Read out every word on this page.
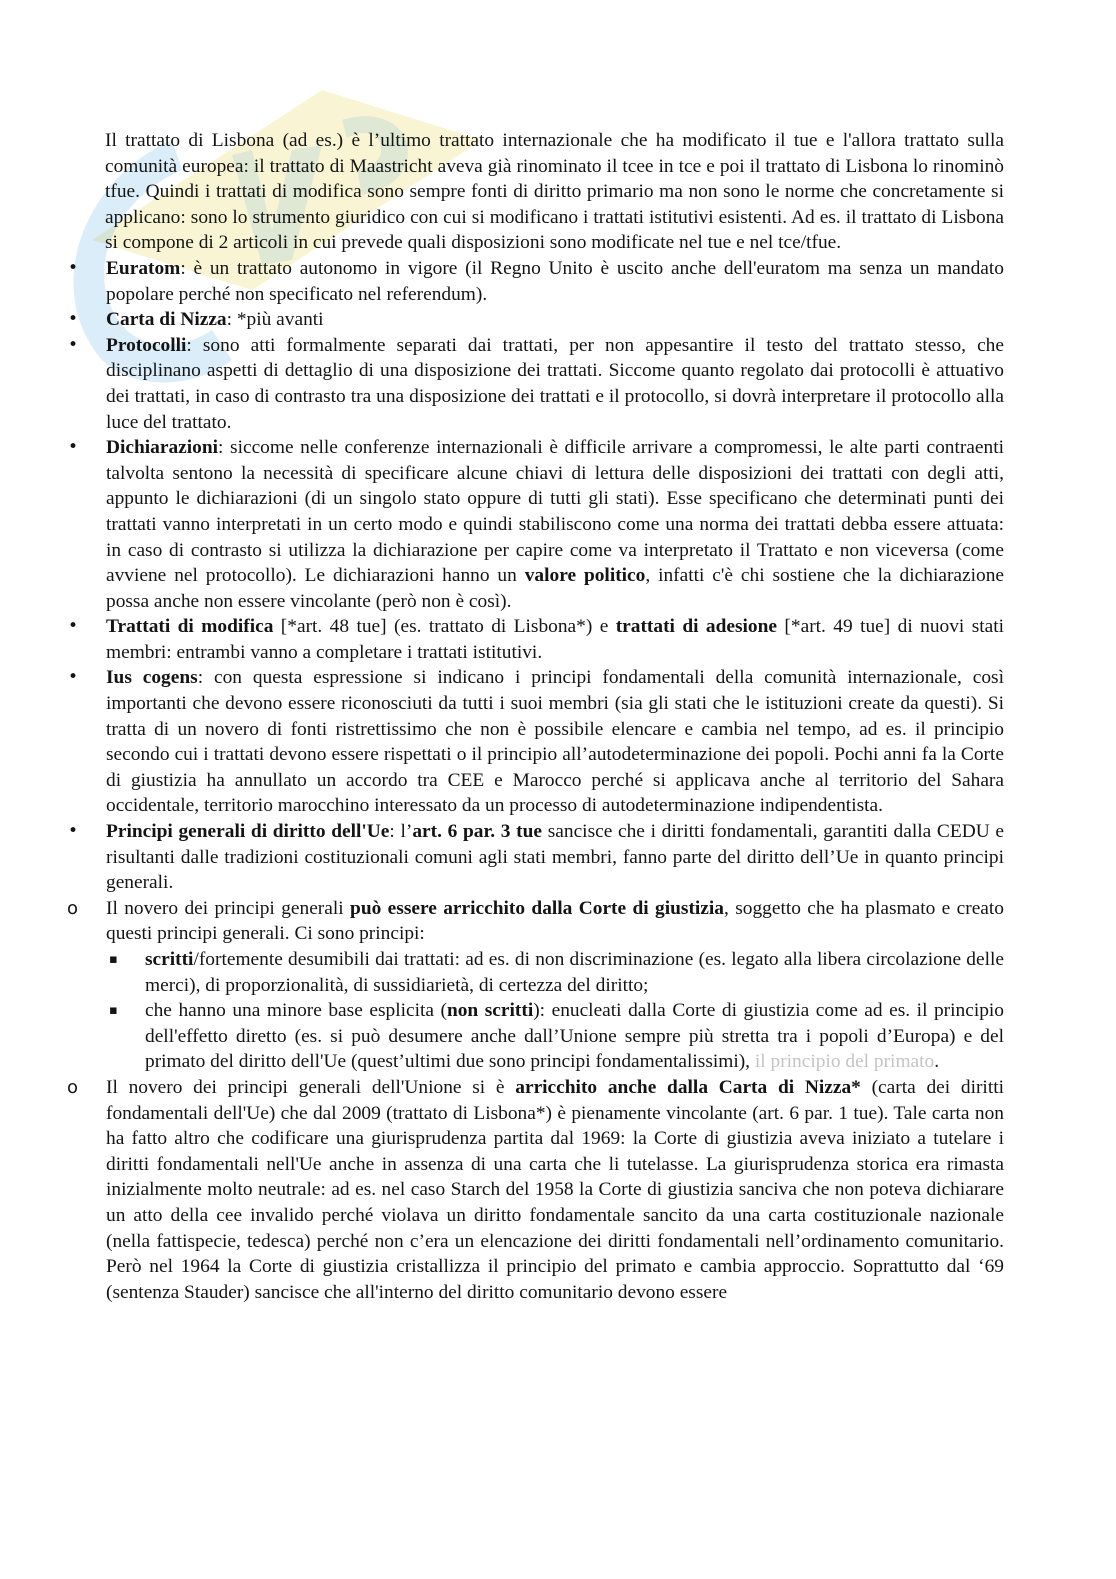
Il trattato di Lisbona (ad es.) è l’ultimo trattato internazionale che ha modificato il tue e l'allora trattato sulla comunità europea: il trattato di Maastricht aveva già rinominato il tcee in tce e poi il trattato di Lisbona lo rinominò tfue. Quindi i trattati di modifica sono sempre fonti di diritto primario ma non sono le norme che concretamente si applicano: sono lo strumento giuridico con cui si modificano i trattati istitutivi esistenti. Ad es. il trattato di Lisbona si compone di 2 articoli in cui prevede quali disposizioni sono modificate nel tue e nel tce/tfue.

• Euratom: è un trattato autonomo in vigore (il Regno Unito è uscito anche dell'euratom ma senza un mandato popolare perché non specificato nel referendum).
• Carta di Nizza: *più avanti
• Protocolli: sono atti formalmente separati dai trattati, per non appesantire il testo del trattato stesso, che disciplinano aspetti di dettaglio di una disposizione dei trattati. Siccome quanto regolato dai protocolli è attuativo dei trattati, in caso di contrasto tra una disposizione dei trattati e il protocollo, si dovrà interpretare il protocollo alla luce del trattato.
• Dichiarazioni: siccome nelle conferenze internazionali è difficile arrivare a compromessi, le alte parti contraenti talvolta sentono la necessità di specificare alcune chiavi di lettura delle disposizioni dei trattati con degli atti, appunto le dichiarazioni (di un singolo stato oppure di tutti gli stati). Esse specificano che determinati punti dei trattati vanno interpretati in un certo modo e quindi stabiliscono come una norma dei trattati debba essere attuata: in caso di contrasto si utilizza la dichiarazione per capire come va interpretato il Trattato e non viceversa (come avviene nel protocollo). Le dichiarazioni hanno un valore politico, infatti c'è chi sostiene che la dichiarazione possa anche non essere vincolante (però non è così).
• Trattati di modifica [*art. 48 tue] (es. trattato di Lisbona*) e trattati di adesione [*art. 49 tue] di nuovi stati membri: entrambi vanno a completare i trattati istitutivi.
• Ius cogens: con questa espressione si indicano i principi fondamentali della comunità internazionale, così importanti che devono essere riconosciuti da tutti i suoi membri (sia gli stati che le istituzioni create da questi). Si tratta di un novero di fonti ristrettissimo che non è possibile elencare e cambia nel tempo, ad es. il principio secondo cui i trattati devono essere rispettati o il principio all’autodeterminazione dei popoli. Pochi anni fa la Corte di giustizia ha annullato un accordo tra CEE e Marocco perché si applicava anche al territorio del Sahara occidentale, territorio marocchino interessato da un processo di autodeterminazione indipendentista.
• Principi generali di diritto dell'Ue: l’art. 6 par. 3 tue sancisce che i diritti fondamentali, garantiti dalla CEDU e risultanti dalle tradizioni costituzionali comuni agli stati membri, fanno parte del diritto dell’Ue in quanto principi generali.
o Il novero dei principi generali può essere arricchito dalla Corte di giustizia, soggetto che ha plasmato e creato questi principi generali. Ci sono principi:
▪ scritti/fortemente desumibili dai trattati: ad es. di non discriminazione (es. legato alla libera circolazione delle merci), di proporzionalità, di sussidiarietà, di certezza del diritto;
▪ che hanno una minore base esplicita (non scritti): enucleati dalla Corte di giustizia come ad es. il principio dell'effetto diretto (es. si può desumere anche dall’Unione sempre più stretta tra i popoli d’Europa) e del primato del diritto dell'Ue (quest’ultimi due sono principi fondamentalissimi), il principio del primato.
o Il novero dei principi generali dell'Unione si è arricchito anche dalla Carta di Nizza* (carta dei diritti fondamentali dell'Ue) che dal 2009 (trattato di Lisbona*) è pienamente vincolante (art. 6 par. 1 tue). Tale carta non ha fatto altro che codificare una giurisprudenza partita dal 1969: la Corte di giustizia aveva iniziato a tutelare i diritti fondamentali nell'Ue anche in assenza di una carta che li tutelasse. La giurisprudenza storica era rimasta inizialmente molto neutrale: ad es. nel caso Starch del 1958 la Corte di giustizia sanciva che non poteva dichiarare un atto della cee invalido perché violava un diritto fondamentale sancito da una carta costituzionale nazionale (nella fattispecie, tedesca) perché non c’era un elencazione dei diritti fondamentali nell’ordinamento comunitario. Però nel 1964 la Corte di giustizia cristallizza il principio del primato e cambia approccio. Soprattutto dal ‘69 (sentenza Stauder) sancisce che all'interno del diritto comunitario devono essere
